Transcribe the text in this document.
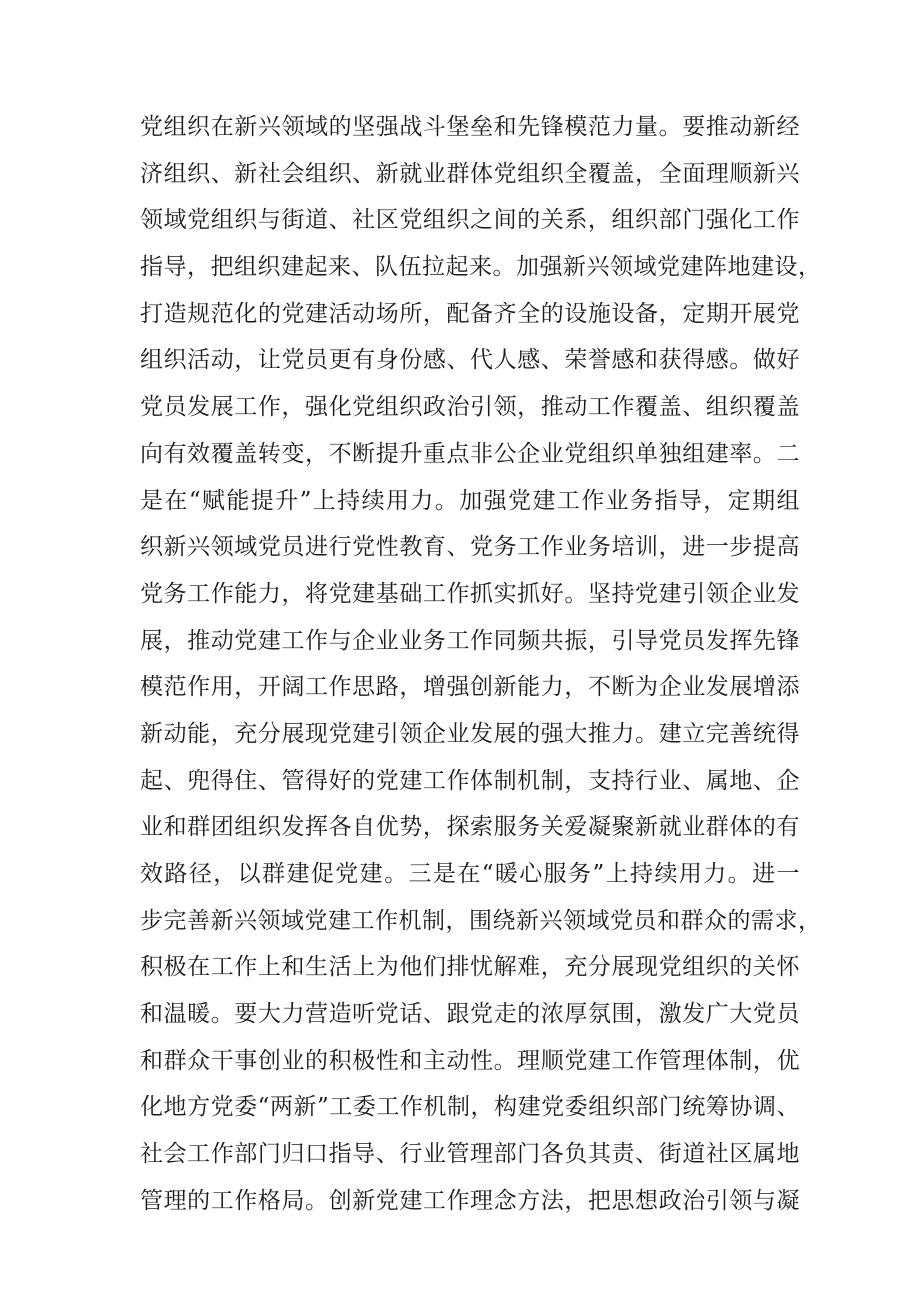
党组织在新兴领域的坚强战斗堡垒和先锋模范力量。要推动新经
济组织、新社会组织、新就业群体党组织全覆盖，全面理顺新兴
领域党组织与街道、社区党组织之间的关系，组织部门强化工作
指导，把组织建起来、队伍拉起来。加强新兴领域党建阵地建设，
打造规范化的党建活动场所，配备齐全的设施设备，定期开展党
组织活动，让党员更有身份感、代人感、荣誉感和获得感。做好
党员发展工作，强化党组织政治引领，推动工作覆盖、组织覆盖
向有效覆盖转变，不断提升重点非公企业党组织单独组建率。二
是在“赋能提升”上持续用力。加强党建工作业务指导，定期组
织新兴领域党员进行党性教育、党务工作业务培训，进一步提高
党务工作能力，将党建基础工作抓实抓好。坚持党建引领企业发
展，推动党建工作与企业业务工作同频共振，引导党员发挥先锋
模范作用，开阔工作思路，增强创新能力，不断为企业发展增添
新动能，充分展现党建引领企业发展的强大推力。建立完善统得
起、兜得住、管得好的党建工作体制机制，支持行业、属地、企
业和群团组织发挥各自优势，探索服务关爱凝聚新就业群体的有
效路径，以群建促党建。三是在“暖心服务”上持续用力。进一
步完善新兴领域党建工作机制，围绕新兴领域党员和群众的需求，
积极在工作上和生活上为他们排忧解难，充分展现党组织的关怀
和温暖。要大力营造听党话、跟党走的浓厚氛围，激发广大党员
和群众干事创业的积极性和主动性。理顺党建工作管理体制，优
化地方党委“两新”工委工作机制，构建党委组织部门统筹协调、
社会工作部门归口指导、行业管理部门各负其责、街道社区属地
管理的工作格局。创新党建工作理念方法，把思想政治引领与凝
